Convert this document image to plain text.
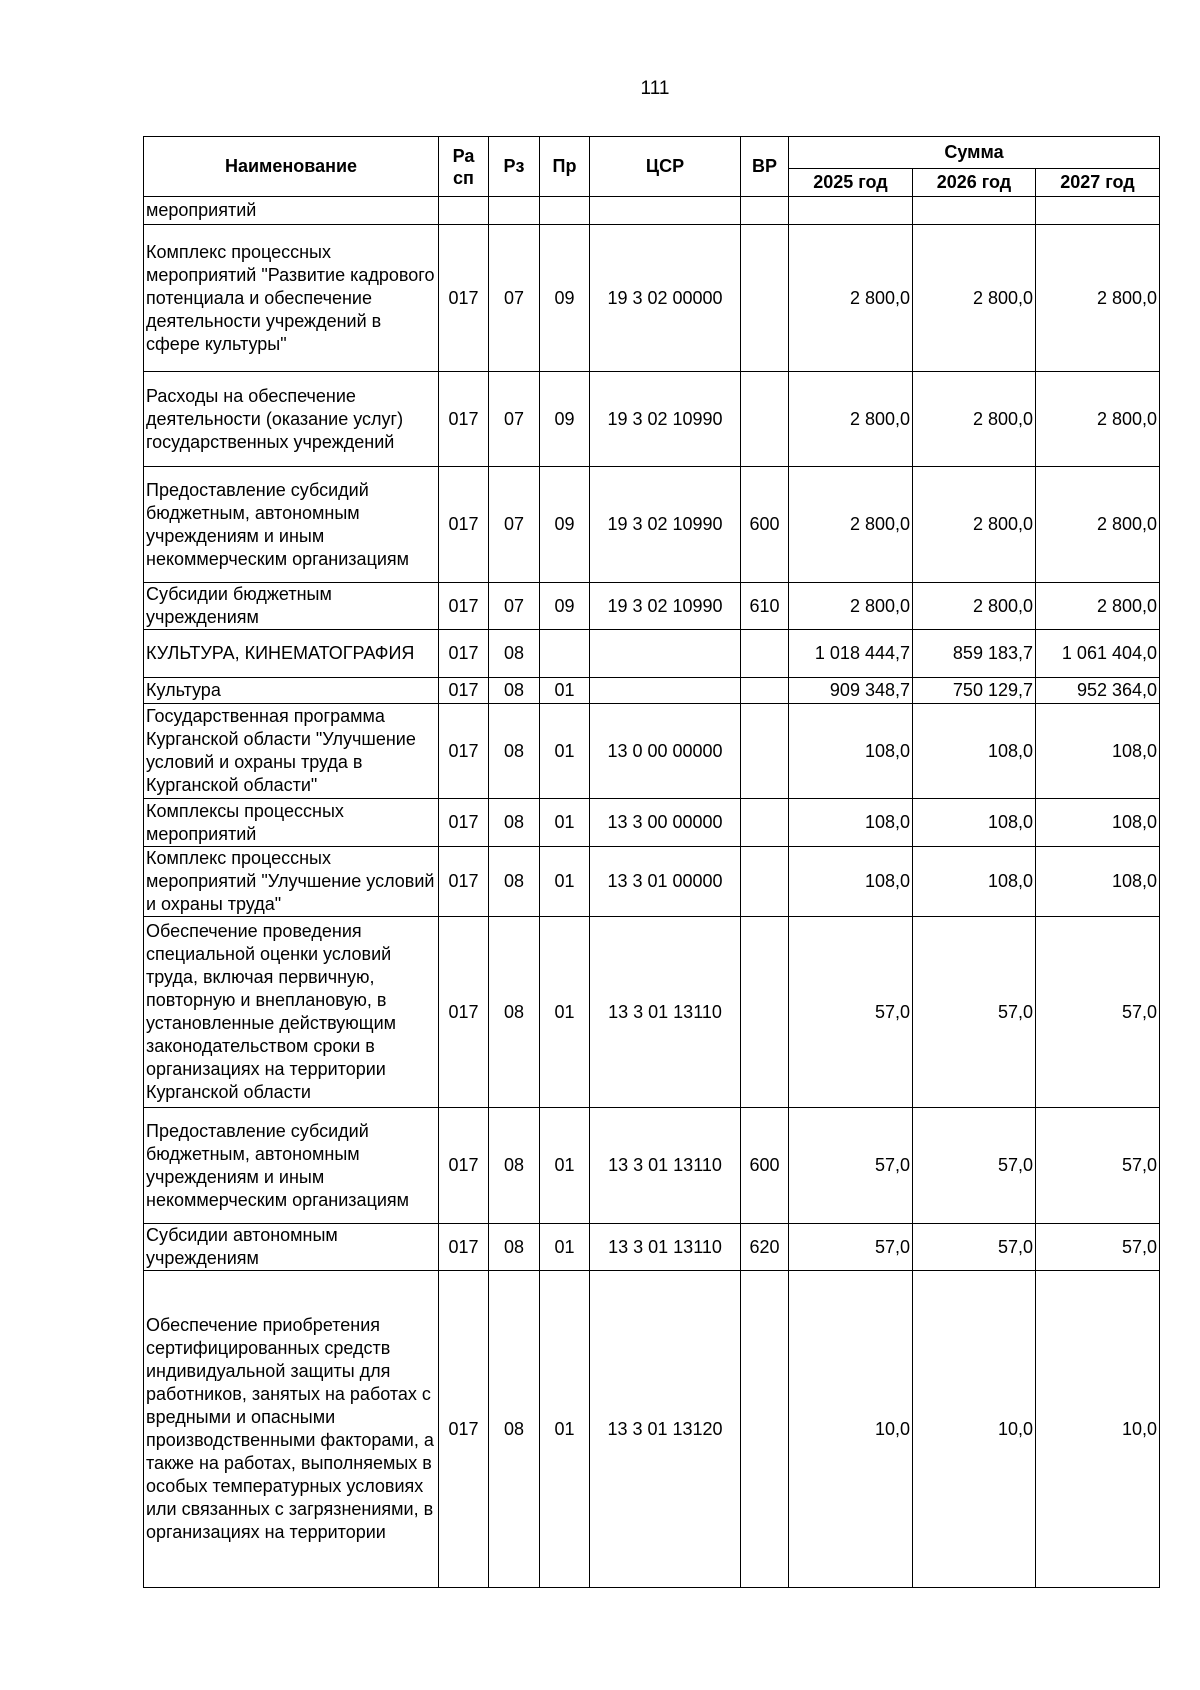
111
Наименование	Ра
сп	Рз	Пр	ЦСР	ВР	Сумма		
						2025 год	2026 год	2027 год
мероприятий								
Комплекс процессных мероприятий "Развитие кадрового потенциала и обеспечение деятельности учреждений в сфере культуры"	017	07	09	19 3 02 00000		2 800,0	2 800,0	2 800,0
Расходы на обеспечение деятельности (оказание услуг) государственных учреждений	017	07	09	19 3 02 10990		2 800,0	2 800,0	2 800,0
Предоставление субсидий бюджетным, автономным учреждениям и иным некоммерческим организациям	017	07	09	19 3 02 10990	600	2 800,0	2 800,0	2 800,0
Субсидии бюджетным учреждениям	017	07	09	19 3 02 10990	610	2 800,0	2 800,0	2 800,0
КУЛЬТУРА, КИНЕМАТОГРАФИЯ	017	08				1 018 444,7	859 183,7	1 061 404,0
Культура	017	08	01			909 348,7	750 129,7	952 364,0
Государственная программа Курганской области "Улучшение условий и охраны труда в Курганской области"	017	08	01	13 0 00 00000		108,0	108,0	108,0
Комплексы процессных мероприятий	017	08	01	13 3 00 00000		108,0	108,0	108,0
Комплекс процессных мероприятий "Улучшение условий и охраны труда"	017	08	01	13 3 01 00000		108,0	108,0	108,0
Обеспечение проведения специальной оценки условий труда, включая первичную, повторную и внеплановую, в установленные действующим законодательством сроки в организациях на территории Курганской области	017	08	01	13 3 01 13110		57,0	57,0	57,0
Предоставление субсидий бюджетным, автономным учреждениям и иным некоммерческим организациям	017	08	01	13 3 01 13110	600	57,0	57,0	57,0
Субсидии автономным учреждениям	017	08	01	13 3 01 13110	620	57,0	57,0	57,0
Обеспечение приобретения сертифицированных средств индивидуальной защиты для работников, занятых на работах с вредными и опасными производственными факторами, а также на работах, выполняемых в особых температурных условиях или связанных с загрязнениями, в организациях на территории	017	08	01	13 3 01 13120		10,0	10,0	10,0
